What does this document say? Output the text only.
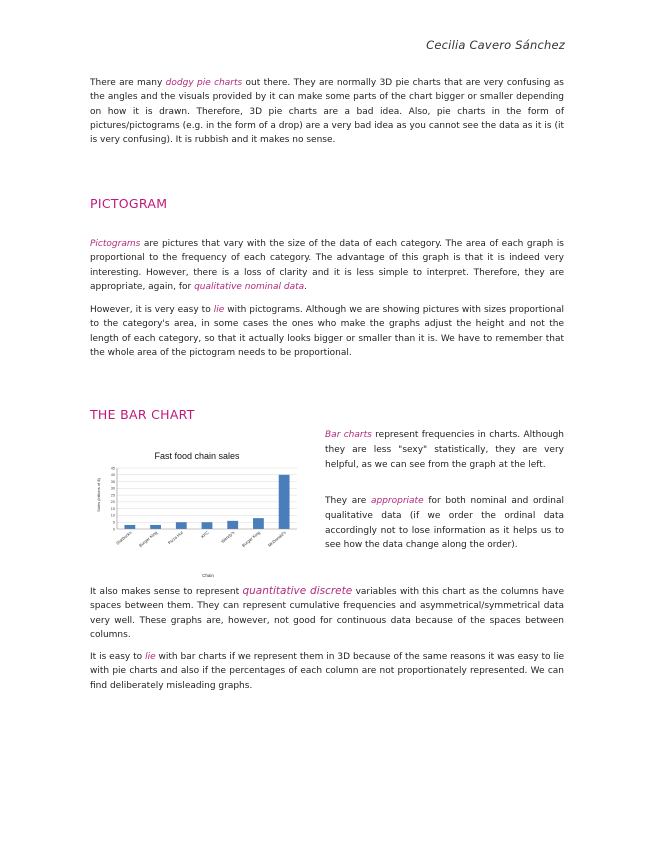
Cecilia Cavero Sánchez

There are many dodgy pie charts out there. They are normally 3D pie charts that are very confusing as the angles and the visuals provided by it can make some parts of the chart bigger or smaller depending on how it is drawn. Therefore, 3D pie charts are a bad idea. Also, pie charts in the form of pictures/pictograms (e.g. in the form of a drop) are a very bad idea as you cannot see the data as it is (it is very confusing). It is rubbish and it makes no sense.

PICTOGRAM

Pictograms are pictures that vary with the size of the data of each category. The area of each graph is proportional to the frequency of each category. The advantage of this graph is that it is indeed very interesting. However, there is a loss of clarity and it is less simple to interpret. Therefore, they are appropriate, again, for qualitative nominal data.

However, it is very easy to lie with pictograms. Although we are showing pictures with sizes proportional to the category's area, in some cases the ones who make the graphs adjust the height and not the length of each category, so that it actually looks bigger or smaller than it is. We have to remember that the whole area of the pictogram needs to be proportional.

THE BAR CHART
Fast food chain sales
Sales (billions of $)
Chain
0
5
10
15
20
25
30
35
40
45
Starbucks Burger King Pizza Hut	KFC Wendy's Burger King McDonald's
Bar charts represent frequencies in charts. Although they are less "sexy" statistically, they are very helpful, as we can see from the graph at the left.
They are appropriate for both nominal and ordinal qualitative data (if we order the ordinal data accordingly not to lose information as it helps us to see how the data change along the order).

It also makes sense to represent quantitative discrete variables with this chart as the columns have spaces between them. They can represent cumulative frequencies and asymmetrical/symmetrical data very well. These graphs are, however, not good for continuous data because of the spaces between columns.

It is easy to lie with bar charts if we represent them in 3D because of the same reasons it was easy to lie with pie charts and also if the percentages of each column are not proportionately represented. We can find deliberately misleading graphs.
